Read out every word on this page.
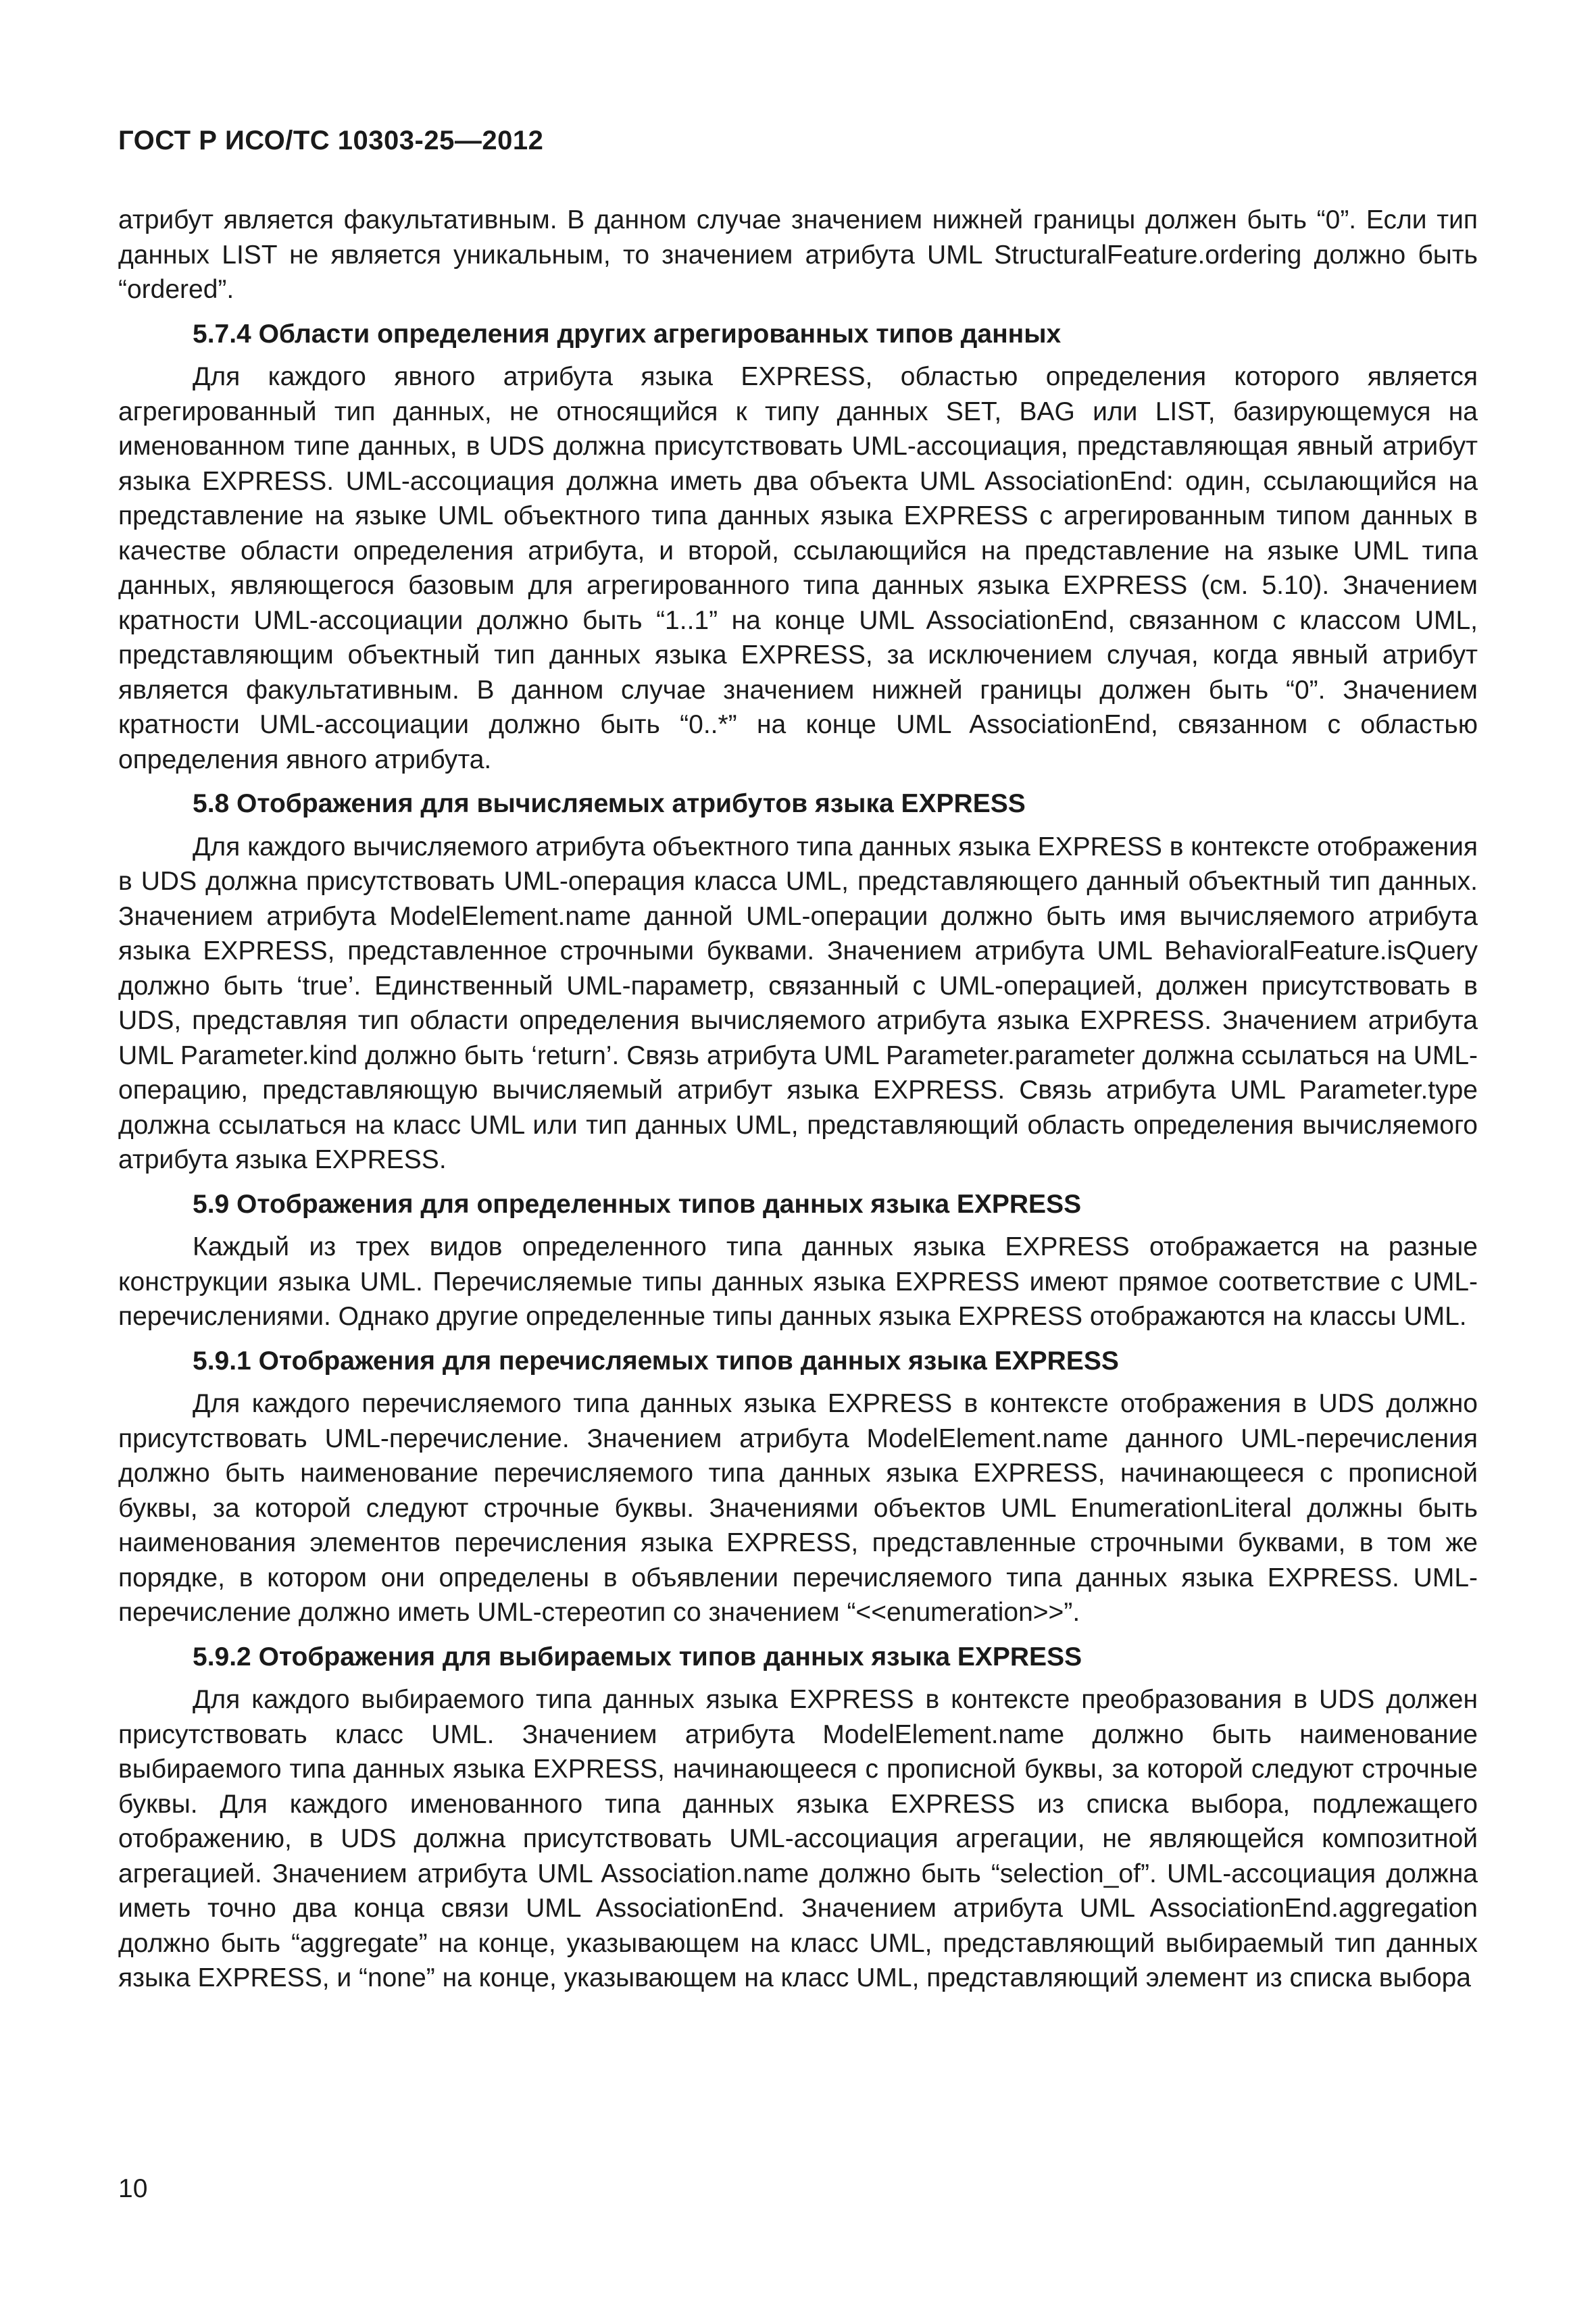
ГОСТ Р ИСО/ТС 10303-25—2012

атрибут является факультативным. В данном случае значением нижней границы должен быть “0”. Если тип данных LIST не является уникальным, то значением атрибута UML StructuralFeature.ordering должно быть “ordered”.

5.7.4 Области определения других агрегированных типов данных

Для каждого явного атрибута языка EXPRESS, областью определения которого является агрегированный тип данных, не относящийся к типу данных SET, BAG или LIST, базирующемуся на именованном типе данных, в UDS должна присутствовать UML-ассоциация, представляющая явный атрибут языка EXPRESS. UML-ассоциация должна иметь два объекта UML AssociationEnd: один, ссылающийся на представление на языке UML объектного типа данных языка EXPRESS с агрегированным типом данных в качестве области определения атрибута, и второй, ссылающийся на представление на языке UML типа данных, являющегося базовым для агрегированного типа данных языка EXPRESS (см. 5.10). Значением кратности UML-ассоциации должно быть “1..1” на конце UML AssociationEnd, связанном с классом UML, представляющим объектный тип данных языка EXPRESS, за исключением случая, когда явный атрибут является факультативным. В данном случае значением нижней границы должен быть “0”. Значением кратности UML-ассоциации должно быть “0..*” на конце UML AssociationEnd, связанном с областью определения явного атрибута.

5.8 Отображения для вычисляемых атрибутов языка EXPRESS

Для каждого вычисляемого атрибута объектного типа данных языка EXPRESS в контексте отображения в UDS должна присутствовать UML-операция класса UML, представляющего данный объектный тип данных. Значением атрибута ModelElement.name данной UML-операции должно быть имя вычисляемого атрибута языка EXPRESS, представленное строчными буквами. Значением атрибута UML BehavioralFeature.isQuery должно быть ‘true’. Единственный UML-параметр, связанный с UML-операцией, должен присутствовать в UDS, представляя тип области определения вычисляемого атрибута языка EXPRESS. Значением атрибута UML Parameter.kind должно быть ‘return’. Связь атрибута UML Parameter.parameter должна ссылаться на UML-операцию, представляющую вычисляемый атрибут языка EXPRESS. Связь атрибута UML Parameter.type должна ссылаться на класс UML или тип данных UML, представляющий область определения вычисляемого атрибута языка EXPRESS.

5.9 Отображения для определенных типов данных языка EXPRESS

Каждый из трех видов определенного типа данных языка EXPRESS отображается на разные конструкции языка UML. Перечисляемые типы данных языка EXPRESS имеют прямое соответствие с UML-перечислениями. Однако другие определенные типы данных языка EXPRESS отображаются на классы UML.

5.9.1 Отображения для перечисляемых типов данных языка EXPRESS

Для каждого перечисляемого типа данных языка EXPRESS в контексте отображения в UDS должно присутствовать UML-перечисление. Значением атрибута ModelElement.name данного UML-перечисления должно быть наименование перечисляемого типа данных языка EXPRESS, начинающееся с прописной буквы, за которой следуют строчные буквы. Значениями объектов UML EnumerationLiteral должны быть наименования элементов перечисления языка EXPRESS, представленные строчными буквами, в том же порядке, в котором они определены в объявлении перечисляемого типа данных языка EXPRESS. UML-перечисление должно иметь UML-стереотип со значением “<<enumeration>>”.

5.9.2 Отображения для выбираемых типов данных языка EXPRESS

Для каждого выбираемого типа данных языка EXPRESS в контексте преобразования в UDS должен присутствовать класс UML. Значением атрибута ModelElement.name должно быть наименование выбираемого типа данных языка EXPRESS, начинающееся с прописной буквы, за которой следуют строчные буквы. Для каждого именованного типа данных языка EXPRESS из списка выбора, подлежащего отображению, в UDS должна присутствовать UML-ассоциация агрегации, не являющейся композитной агрегацией. Значением атрибута UML Association.name должно быть “selection_of”. UML-ассоциация должна иметь точно два конца связи UML AssociationEnd. Значением атрибута UML AssociationEnd.aggregation должно быть “aggregate” на конце, указывающем на класс UML, представляющий выбираемый тип данных языка EXPRESS, и “none” на конце, указывающем на класс UML, представляющий элемент из списка выбора

10
